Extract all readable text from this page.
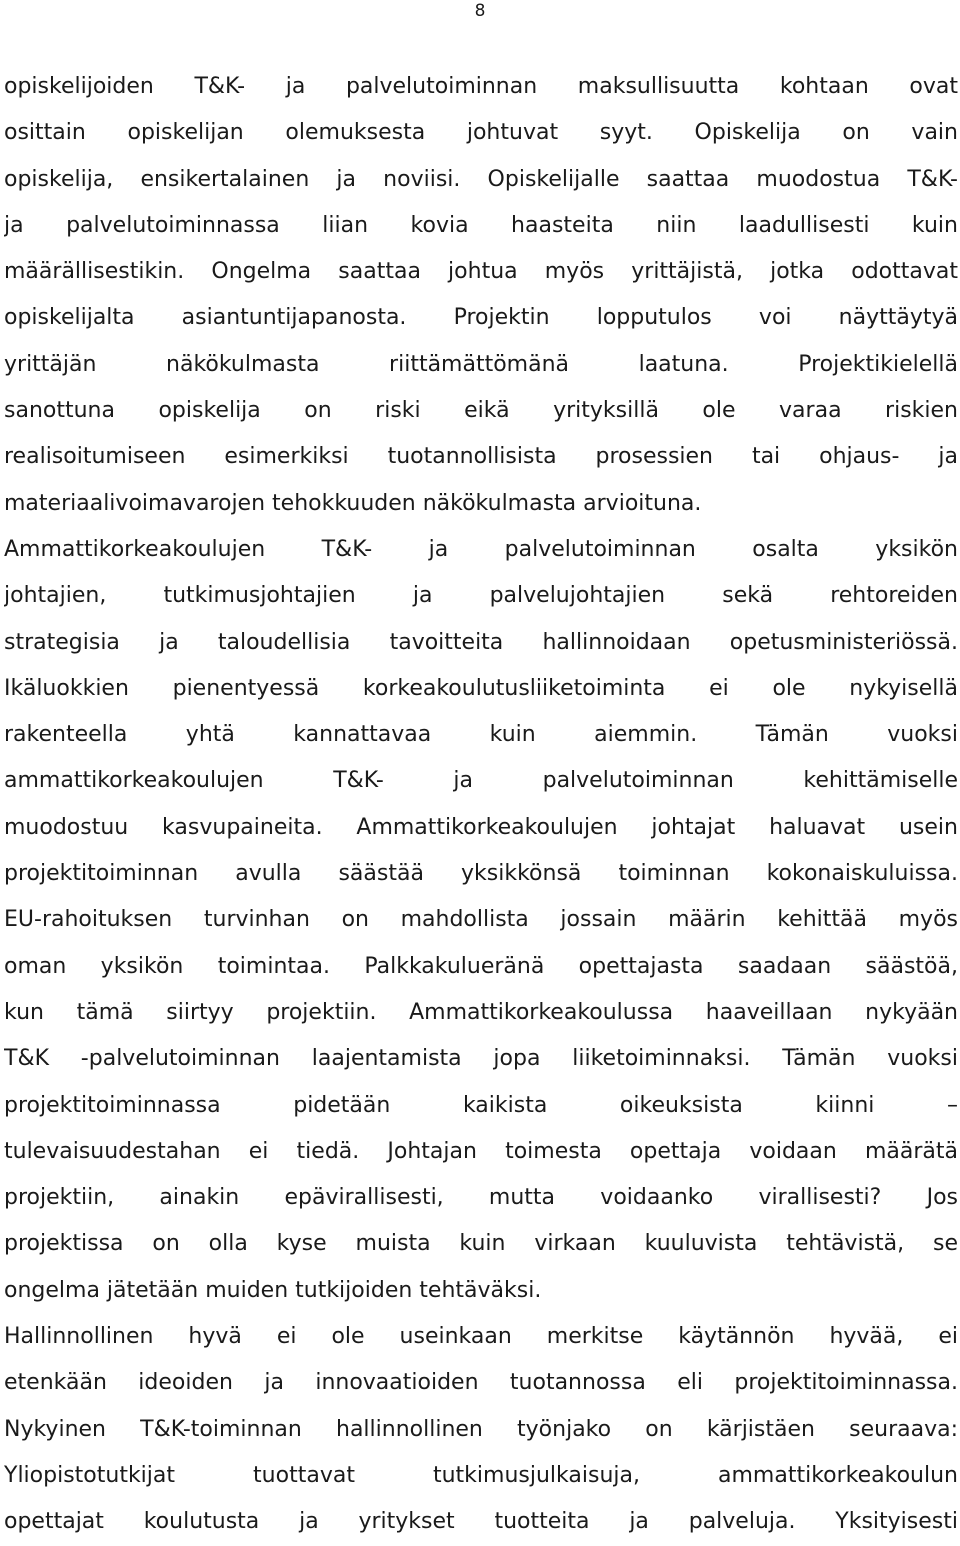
8
opiskelijoiden T&K- ja palvelutoiminnan maksullisuutta kohtaan ovat
osittain opiskelijan olemuksesta johtuvat syyt. Opiskelija on vain
opiskelija, ensikertalainen ja noviisi. Opiskelijalle saattaa muodostua T&K-
ja palvelutoiminnassa liian kovia haasteita niin laadullisesti kuin
määrällisestikin. Ongelma saattaa johtua myös yrittäjistä, jotka odottavat
opiskelijalta asiantuntijapanosta. Projektin lopputulos voi näyttäytyä
yrittäjän näkökulmasta riittämättömänä laatuna. Projektikielellä
sanottuna opiskelija on riski eikä yrityksillä ole varaa riskien
realisoitumiseen esimerkiksi tuotannollisista prosessien tai ohjaus- ja
materiaalivoimavarojen tehokkuuden näkökulmasta arvioituna.
Ammattikorkeakoulujen T&K- ja palvelutoiminnan osalta yksikön
johtajien, tutkimusjohtajien ja palvelujohtajien sekä rehtoreiden
strategisia ja taloudellisia tavoitteita hallinnoidaan opetusministeriössä.
Ikäluokkien pienentyessä korkeakoulutusliiketoiminta ei ole nykyisellä
rakenteella yhtä kannattavaa kuin aiemmin. Tämän vuoksi
ammattikorkeakoulujen T&K- ja palvelutoiminnan kehittämiselle
muodostuu kasvupaineita. Ammattikorkeakoulujen johtajat haluavat usein
projektitoiminnan avulla säästää yksikkönsä toiminnan kokonaiskuluissa.
EU-rahoituksen turvinhan on mahdollista jossain määrin kehittää myös
oman yksikön toimintaa. Palkkakulueränä opettajasta saadaan säästöä,
kun tämä siirtyy projektiin. Ammattikorkeakoulussa haaveillaan nykyään
T&K -palvelutoiminnan laajentamista jopa liiketoiminnaksi. Tämän vuoksi
projektitoiminnassa pidetään kaikista oikeuksista kiinni –
tulevaisuudestahan ei tiedä. Johtajan toimesta opettaja voidaan määrätä
projektiin, ainakin epävirallisesti, mutta voidaanko virallisesti? Jos
projektissa on olla kyse muista kuin virkaan kuuluvista tehtävistä, se
ongelma jätetään muiden tutkijoiden tehtäväksi.
Hallinnollinen hyvä ei ole useinkaan merkitse käytännön hyvää, ei
etenkään ideoiden ja innovaatioiden tuotannossa eli projektitoiminnassa.
Nykyinen T&K-toiminnan hallinnollinen työnjako on kärjistäen seuraava:
Yliopistotutkijat tuottavat tutkimusjulkaisuja, ammattikorkeakoulun
opettajat koulutusta ja yritykset tuotteita ja palveluja. Yksityisesti
